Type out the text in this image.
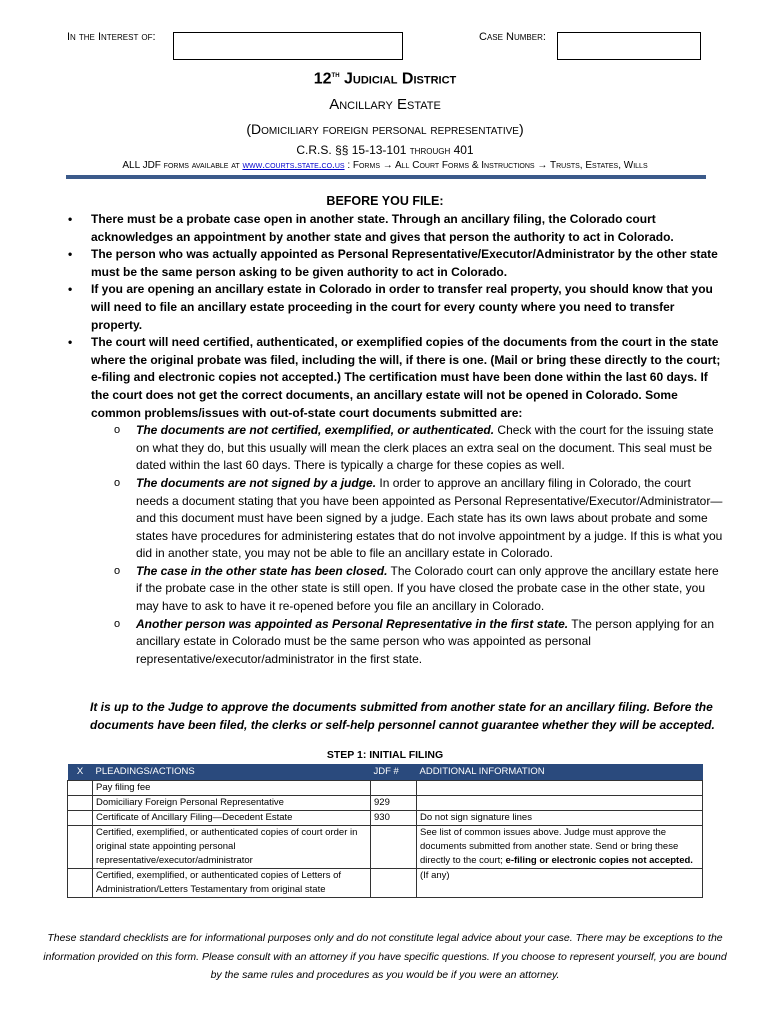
In the Interest of:	Case Number:
12th Judicial District
Ancillary Estate
(Domiciliary foreign personal representative)
C.R.S. §§ 15-13-101 through 401
ALL JDF forms available at www.courts.state.co.us : Forms → All Court Forms & Instructions → Trusts, Estates, Wills
BEFORE YOU FILE:
• There must be a probate case open in another state. Through an ancillary filing, the Colorado court acknowledges an appointment by another state and gives that person the authority to act in Colorado.
• The person who was actually appointed as Personal Representative/Executor/Administrator by the other state must be the same person asking to be given authority to act in Colorado.
• If you are opening an ancillary estate in Colorado in order to transfer real property, you should know that you will need to file an ancillary estate proceeding in the court for every county where you need to transfer property.
• The court will need certified, authenticated, or exemplified copies of the documents from the court in the state where the original probate was filed, including the will, if there is one. (Mail or bring these directly to the court; e-filing and electronic copies not accepted.) The certification must have been done within the last 60 days. If the court does not get the correct documents, an ancillary estate will not be opened in Colorado. Some common problems/issues with out-of-state court documents submitted are:
o The documents are not certified, exemplified, or authenticated. Check with the court for the issuing state on what they do, but this usually will mean the clerk places an extra seal on the document. This seal must be dated within the last 60 days. There is typically a charge for these copies as well.
o The documents are not signed by a judge. In order to approve an ancillary filing in Colorado, the court needs a document stating that you have been appointed as Personal Representative/Executor/Administrator—and this document must have been signed by a judge. Each state has its own laws about probate and some states have procedures for administering estates that do not involve appointment by a judge. If this is what you did in another state, you may not be able to file an ancillary estate in Colorado.
o The case in the other state has been closed. The Colorado court can only approve the ancillary estate here if the probate case in the other state is still open. If you have closed the probate case in the other state, you may have to ask to have it re-opened before you file an ancillary in Colorado.
o Another person was appointed as Personal Representative in the first state. The person applying for an ancillary estate in Colorado must be the same person who was appointed as personal representative/executor/administrator in the first state.
It is up to the Judge to approve the documents submitted from another state for an ancillary filing. Before the documents have been filed, the clerks or self-help personnel cannot guarantee whether they will be accepted.
STEP 1: INITIAL FILING
X	PLEADINGS/ACTIONS	JDF #	ADDITIONAL INFORMATION
	Pay filing fee		
	Domiciliary Foreign Personal Representative	929	
	Certificate of Ancillary Filing—Decedent Estate	930	Do not sign signature lines
	Certified, exemplified, or authenticated copies of court order in original state appointing personal representative/executor/administrator		See list of common issues above. Judge must approve the documents submitted from another state. Send or bring these directly to the court; e-filing or electronic copies not accepted.
	Certified, exemplified, or authenticated copies of Letters of Administration/Letters Testamentary from original state		(If any)
These standard checklists are for informational purposes only and do not constitute legal advice about your case. There may be exceptions to the information provided on this form. Please consult with an attorney if you have specific questions. If you choose to represent yourself, you are bound by the same rules and procedures as you would be if you were an attorney.
